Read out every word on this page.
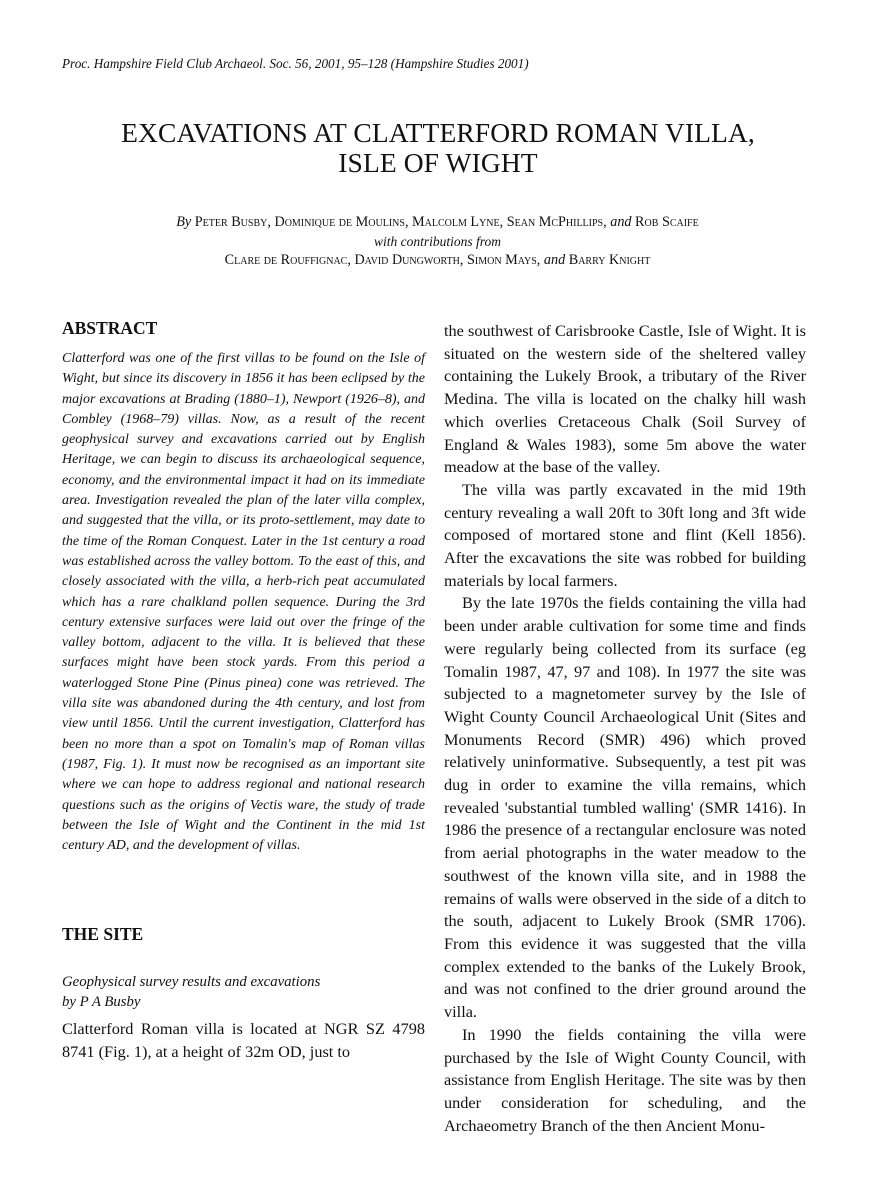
Proc. Hampshire Field Club Archaeol. Soc. 56, 2001, 95–128 (Hampshire Studies 2001)
EXCAVATIONS AT CLATTERFORD ROMAN VILLA,
ISLE OF WIGHT
By Peter Busby, Dominique de Moulins, Malcolm Lyne, Sean McPhillips, and Rob Scaife
with contributions from
Clare de Rouffignac, David Dungworth, Simon Mays, and Barry Knight
ABSTRACT

Clatterford was one of the first villas to be found on the Isle of Wight, but since its discovery in 1856 it has been eclipsed by the major excavations at Brading (1880–1), Newport (1926–8), and Combley (1968–79) villas. Now, as a result of the recent geophysical survey and excavations carried out by English Heritage, we can begin to discuss its archaeological sequence, economy, and the environmental impact it had on its immediate area. Investigation revealed the plan of the later villa complex, and suggested that the villa, or its proto-settlement, may date to the time of the Roman Conquest. Later in the 1st century a road was established across the valley bottom. To the east of this, and closely associated with the villa, a herb-rich peat accumulated which has a rare chalkland pollen sequence. During the 3rd century extensive surfaces were laid out over the fringe of the valley bottom, adjacent to the villa. It is believed that these surfaces might have been stock yards. From this period a waterlogged Stone Pine (Pinus pinea) cone was retrieved. The villa site was abandoned during the 4th century, and lost from view until 1856. Until the current investigation, Clatterford has been no more than a spot on Tomalin's map of Roman villas (1987, Fig. 1). It must now be recognised as an important site where we can hope to address regional and national research questions such as the origins of Vectis ware, the study of trade between the Isle of Wight and the Continent in the mid 1st century AD, and the development of villas.

THE SITE

Geophysical survey results and excavations
by P A Busby

Clatterford Roman villa is located at NGR SZ 4798 8741 (Fig. 1), at a height of 32m OD, just to

the southwest of Carisbrooke Castle, Isle of Wight. It is situated on the western side of the sheltered valley containing the Lukely Brook, a tributary of the River Medina. The villa is located on the chalky hill wash which overlies Cretaceous Chalk (Soil Survey of England & Wales 1983), some 5m above the water meadow at the base of the valley.

The villa was partly excavated in the mid 19th century revealing a wall 20ft to 30ft long and 3ft wide composed of mortared stone and flint (Kell 1856). After the excavations the site was robbed for building materials by local farmers.

By the late 1970s the fields containing the villa had been under arable cultivation for some time and finds were regularly being collected from its surface (eg Tomalin 1987, 47, 97 and 108). In 1977 the site was subjected to a magnetometer survey by the Isle of Wight County Council Archaeological Unit (Sites and Monuments Record (SMR) 496) which proved relatively uninformative. Subsequently, a test pit was dug in order to examine the villa remains, which revealed 'substantial tumbled walling' (SMR 1416). In 1986 the presence of a rectangular enclosure was noted from aerial photographs in the water meadow to the southwest of the known villa site, and in 1988 the remains of walls were observed in the side of a ditch to the south, adjacent to Lukely Brook (SMR 1706). From this evidence it was suggested that the villa complex extended to the banks of the Lukely Brook, and was not confined to the drier ground around the villa.

In 1990 the fields containing the villa were purchased by the Isle of Wight County Council, with assistance from English Heritage. The site was by then under consideration for scheduling, and the Archaeometry Branch of the then Ancient Monu-
